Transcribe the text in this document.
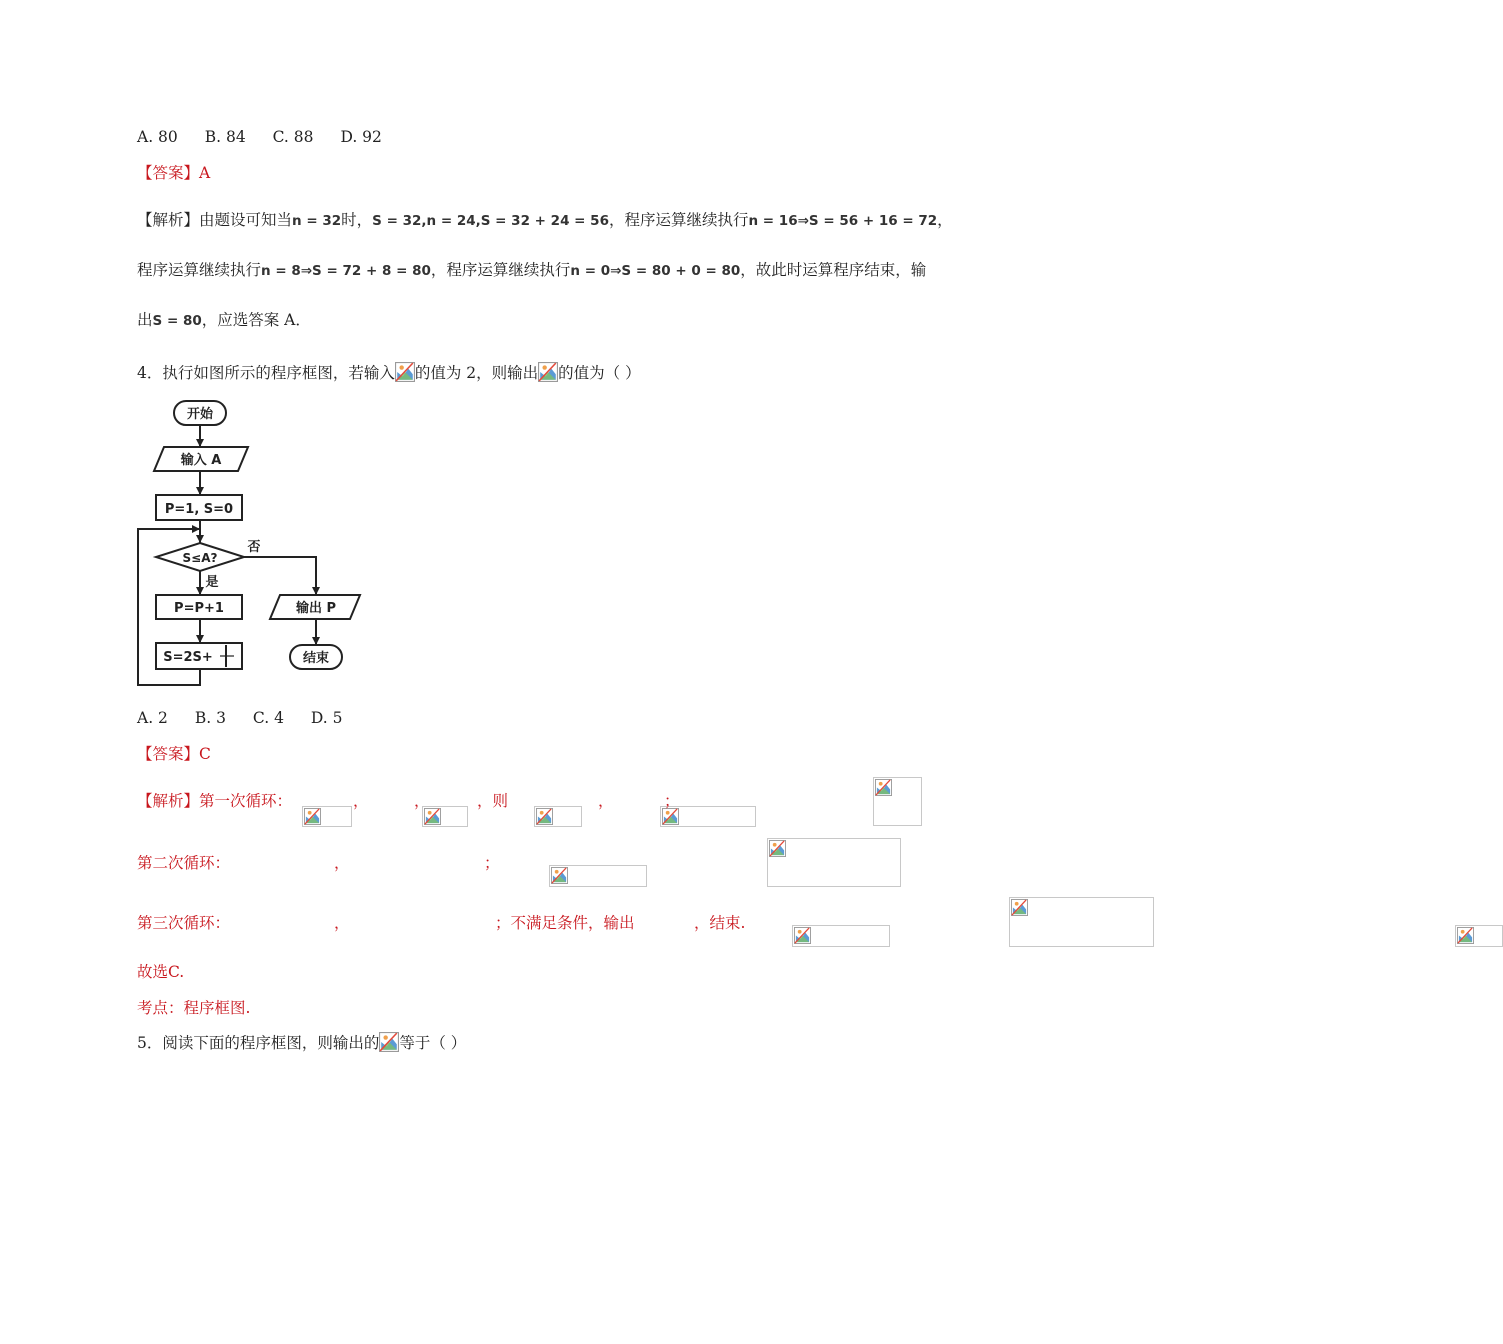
A. 80 B. 84 C. 88 D. 92
【答案】A
【解析】由题设可知当n = 32时，S = 32,n = 24,S = 32 + 24 = 56，程序运算继续执行n = 16⇒S = 56 + 16 = 72，
程序运算继续执行n = 8⇒S = 72 + 8 = 80，程序运算继续执行n = 0⇒S = 80 + 0 = 80，故此时运算程序结束，输
出S = 80，应选答案 A．
4．执行如图所示的程序框图，若输入 的值为 2，则输出 的值为（ ）
开始
输入 A
P=1, S=0
S≤A?
否
是
P=P+1
S=2S+
输出 P
结束
A. 2 B. 3 C. 4 D. 5
【答案】C
【解析】第一次循环：
	，
	，
	，则
	，
	；
第二次循环：
	，
	；
第三次循环：
	，
	；不满足条件，输出	，结束.
故选C.
考点：程序框图.
5．阅读下面的程序框图，则输出的 等于（ ）
